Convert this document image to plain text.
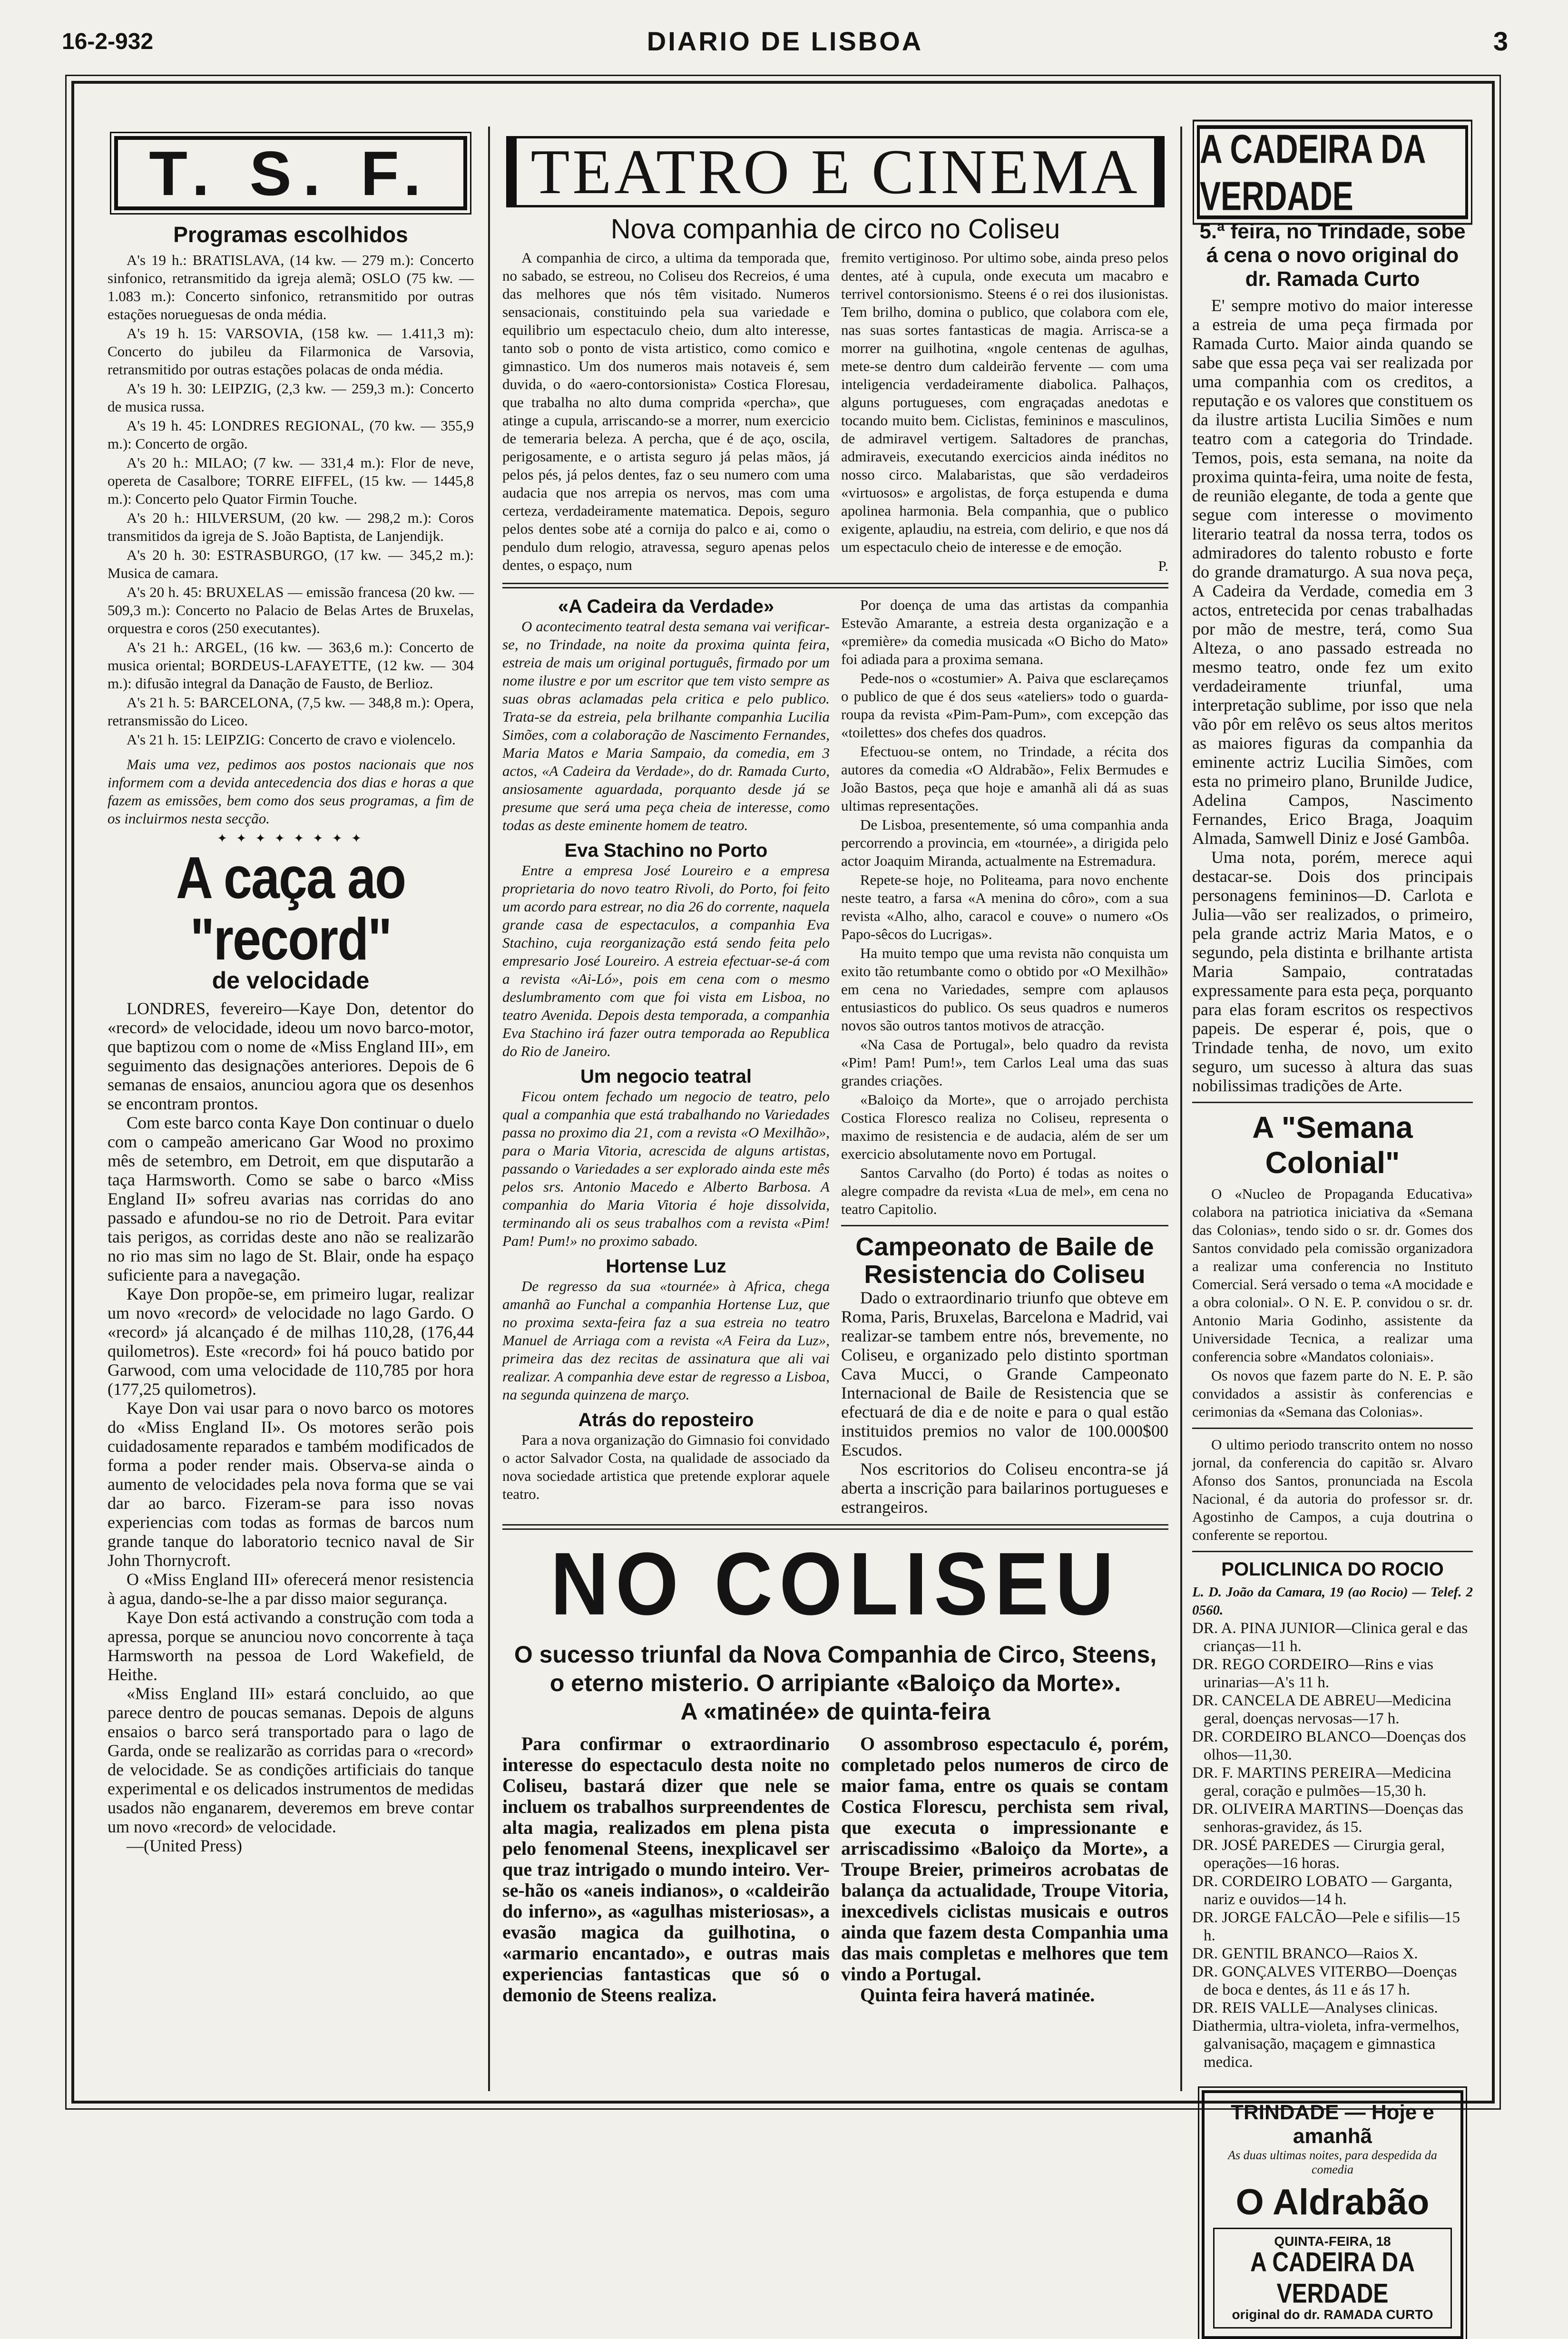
16-2-932	DIARIO DE LISBOA	3
T. S. F.
Programas escolhidos

A's 19 h.: BRATISLAVA, (14 kw. — 279 m.): Concerto sinfonico, retransmitido da igreja alemã; OSLO (75 kw. — 1.083 m.): Concerto sinfonico, retransmitido por outras estações norueguesas de onda média.

A's 19 h. 15: VARSOVIA, (158 kw. — 1.411,3 m): Concerto do jubileu da Filarmonica de Varsovia, retransmitido por outras estações polacas de onda média.

A's 19 h. 30: LEIPZIG, (2,3 kw. — 259,3 m.): Concerto de musica russa.

A's 19 h. 45: LONDRES REGIONAL, (70 kw. — 355,9 m.): Concerto de orgão.

A's 20 h.: MILAO; (7 kw. — 331,4 m.): Flor de neve, opereta de Casalbore; TORRE EIFFEL, (15 kw. — 1445,8 m.): Concerto pelo Quator Firmin Touche.

A's 20 h.: HILVERSUM, (20 kw. — 298,2 m.): Coros transmitidos da igreja de S. João Baptista, de Lanjendijk.

A's 20 h. 30: ESTRASBURGO, (17 kw. — 345,2 m.): Musica de camara.

A's 20 h. 45: BRUXELAS — emissão francesa (20 kw. — 509,3 m.): Concerto no Palacio de Belas Artes de Bruxelas, orquestra e coros (250 executantes).

A's 21 h.: ARGEL, (16 kw. — 363,6 m.): Concerto de musica oriental; BORDEUS-LAFAYETTE, (12 kw. — 304 m.): difusão integral da Danação de Fausto, de Berlioz.

A's 21 h. 5: BARCELONA, (7,5 kw. — 348,8 m.): Opera, retransmissão do Liceo.

A's 21 h. 15: LEIPZIG: Concerto de cravo e violencelo.

Mais uma vez, pedimos aos postos nacionais que nos informem com a devida antecedencia dos dias e horas a que fazem as emissões, bem como dos seus programas, a fim de os incluirmos nesta secção.

✦ ✦ ✦ ✦ ✦ ✦ ✦ ✦
A caça ao "record"
de velocidade

LONDRES, fevereiro—Kaye Don, detentor do «record» de velocidade, ideou um novo barco-motor, que baptizou com o nome de «Miss England III», em seguimento das designações anteriores. Depois de 6 semanas de ensaios, anunciou agora que os desenhos se encontram prontos.

Com este barco conta Kaye Don continuar o duelo com o campeão americano Gar Wood no proximo mês de setembro, em Detroit, em que disputarão a taça Harmsworth. Como se sabe o barco «Miss England II» sofreu avarias nas corridas do ano passado e afundou-se no rio de Detroit. Para evitar tais perigos, as corridas deste ano não se realizarão no rio mas sim no lago de St. Blair, onde ha espaço suficiente para a navegação.

Kaye Don propõe-se, em primeiro lugar, realizar um novo «record» de velocidade no lago Gardo. O «record» já alcançado é de milhas 110,28, (176,44 quilometros). Este «record» foi há pouco batido por Garwood, com uma velocidade de 110,785 por hora (177,25 quilometros).

Kaye Don vai usar para o novo barco os motores do «Miss England II». Os motores serão pois cuidadosamente reparados e também modificados de forma a poder render mais. Observa-se ainda o aumento de velocidades pela nova forma que se vai dar ao barco. Fizeram-se para isso novas experiencias com todas as formas de barcos num grande tanque do laboratorio tecnico naval de Sir John Thornycroft.

O «Miss England III» oferecerá menor resistencia à agua, dando-se-lhe a par disso maior segurança.

Kaye Don está activando a construção com toda a apressa, porque se anunciou novo concorrente à taça Harmsworth na pessoa de Lord Wakefield, de Heithe.

«Miss England III» estará concluido, ao que parece dentro de poucas semanas. Depois de alguns ensaios o barco será transportado para o lago de Garda, onde se realizarão as corridas para o «record» de velocidade. Se as condições artificiais do tanque experimental e os delicados instrumentos de medidas usados não enganarem, deveremos em breve contar um novo «record» de velocidade.

—(United Press)

TEATRO E CINEMA
Nova companhia de circo no Coliseu

A companhia de circo, a ultima da temporada que, no sabado, se estreou, no Coliseu dos Recreios, é uma das melhores que nós têm visitado. Numeros sensacionais, constituindo pela sua variedade e equilibrio um espectaculo cheio, dum alto interesse, tanto sob o ponto de vista artistico, como comico e gimnastico. Um dos numeros mais notaveis é, sem duvida, o do «aero-contorsionista» Costica Floresau, que trabalha no alto duma comprida «percha», que atinge a cupula, arriscando-se a morrer, num exercicio de temeraria beleza. A percha, que é de aço, oscila, perigosamente, e o artista seguro já pelas mãos, já pelos pés, já pelos dentes, faz o seu numero com uma audacia que nos arrepia os nervos, mas com uma certeza, verdadeiramente matematica. Depois, seguro pelos dentes sobe até a cornija do palco e ai, como o pendulo dum relogio, atravessa, seguro apenas pelos dentes, o espaço, num

fremito vertiginoso. Por ultimo sobe, ainda preso pelos dentes, até à cupula, onde executa um macabro e terrivel contorsionismo. Steens é o rei dos ilusionistas. Tem brilho, domina o publico, que colabora com ele, nas suas sortes fantasticas de magia. Arrisca-se a morrer na guilhotina, «ngole centenas de agulhas, mete-se dentro dum caldeirão fervente — com uma inteligencia verdadeiramente diabolica. Palhaços, alguns portugueses, com engraçadas anedotas e tocando muito bem. Ciclistas, femininos e masculinos, de admiravel vertigem. Saltadores de pranchas, admiraveis, executando exercicios ainda inéditos no nosso circo. Malabaristas, que são verdadeiros «virtuosos» e argolistas, de força estupenda e duma apolinea harmonia. Bela companhia, que o publico exigente, aplaudiu, na estreia, com delirio, e que nos dá um espectaculo cheio de interesse e de emoção.

P.
«A Cadeira da Verdade»

O acontecimento teatral desta semana vai verificar-se, no Trindade, na noite da proxima quinta feira, estreia de mais um original português, firmado por um nome ilustre e por um escritor que tem visto sempre as suas obras aclamadas pela critica e pelo publico. Trata-se da estreia, pela brilhante companhia Lucilia Simões, com a colaboração de Nascimento Fernandes, Maria Matos e Maria Sampaio, da comedia, em 3 actos, «A Cadeira da Verdade», do dr. Ramada Curto, ansiosamente aguardada, porquanto desde já se presume que será uma peça cheia de interesse, como todas as deste eminente homem de teatro.

Eva Stachino no Porto

Entre a empresa José Loureiro e a empresa proprietaria do novo teatro Rivoli, do Porto, foi feito um acordo para estrear, no dia 26 do corrente, naquela grande casa de espectaculos, a companhia Eva Stachino, cuja reorganização está sendo feita pelo empresario José Loureiro. A estreia efectuar-se-á com a revista «Ai-Ló», pois em cena com o mesmo deslumbramento com que foi vista em Lisboa, no teatro Avenida. Depois desta temporada, a companhia Eva Stachino irá fazer outra temporada ao Republica do Rio de Janeiro.

Um negocio teatral

Ficou ontem fechado um negocio de teatro, pelo qual a companhia que está trabalhando no Variedades passa no proximo dia 21, com a revista «O Mexilhão», para o Maria Vitoria, acrescida de alguns artistas, passando o Variedades a ser explorado ainda este mês pelos srs. Antonio Macedo e Alberto Barbosa. A companhia do Maria Vitoria é hoje dissolvida, terminando ali os seus trabalhos com a revista «Pim! Pam! Pum!» no proximo sabado.

Hortense Luz

De regresso da sua «tournée» à Africa, chega amanhã ao Funchal a companhia Hortense Luz, que no proxima sexta-feira faz a sua estreia no teatro Manuel de Arriaga com a revista «A Feira da Luz», primeira das dez recitas de assinatura que ali vai realizar. A companhia deve estar de regresso a Lisboa, na segunda quinzena de março.

Atrás do reposteiro

Para a nova organização do Gimnasio foi convidado o actor Salvador Costa, na qualidade de associado da nova sociedade artistica que pretende explorar aquele teatro.

Por doença de uma das artistas da companhia Estevão Amarante, a estreia desta organização e a «première» da comedia musicada «O Bicho do Mato» foi adiada para a proxima semana.

Pede-nos o «costumier» A. Paiva que esclareçamos o publico de que é dos seus «ateliers» todo o guarda-roupa da revista «Pim-Pam-Pum», com excepção das «toilettes» dos chefes dos quadros.

Efectuou-se ontem, no Trindade, a récita dos autores da comedia «O Aldrabão», Felix Bermudes e João Bastos, peça que hoje e amanhã ali dá as suas ultimas representações.

De Lisboa, presentemente, só uma companhia anda percorrendo a provincia, em «tournée», a dirigida pelo actor Joaquim Miranda, actualmente na Estremadura.

Repete-se hoje, no Politeama, para novo enchente neste teatro, a farsa «A menina do côro», com a sua revista «Alho, alho, caracol e couve» o numero «Os Papo-sêcos do Lucrigas».

Ha muito tempo que uma revista não conquista um exito tão retumbante como o obtido por «O Mexilhão» em cena no Variedades, sempre com aplausos entusiasticos do publico. Os seus quadros e numeros novos são outros tantos motivos de atracção.

«Na Casa de Portugal», belo quadro da revista «Pim! Pam! Pum!», tem Carlos Leal uma das suas grandes criações.

«Baloiço da Morte», que o arrojado perchista Costica Floresco realiza no Coliseu, representa o maximo de resistencia e de audacia, além de ser um exercicio absolutamente novo em Portugal.

Santos Carvalho (do Porto) é todas as noites o alegre compadre da revista «Lua de mel», em cena no teatro Capitolio.

Campeonato de Baile de Resistencia do Coliseu

Dado o extraordinario triunfo que obteve em Roma, Paris, Bruxelas, Barcelona e Madrid, vai realizar-se tambem entre nós, brevemente, no Coliseu, e organizado pelo distinto sportman Cava Mucci, o Grande Campeonato Internacional de Baile de Resistencia que se efectuará de dia e de noite e para o qual estão instituidos premios no valor de 100.000$00 Escudos.

Nos escritorios do Coliseu encontra-se já aberta a inscrição para bailarinos portugueses e estrangeiros.

NO COLISEU
O sucesso triunfal da Nova Companhia de Circo, Steens,
o eterno misterio. O arripiante «Baloiço da Morte».
A «matinée» de quinta-feira

Para confirmar o extraordinario interesse do espectaculo desta noite no Coliseu, bastará dizer que nele se incluem os trabalhos surpreendentes de alta magia, realizados em plena pista pelo fenomenal Steens, inexplicavel ser que traz intrigado o mundo inteiro. Ver-se-hão os «aneis indianos», o «caldeirão do inferno», as «agulhas misteriosas», a evasão magica da guilhotina, o «armario encantado», e outras mais experiencias fantasticas que só o demonio de Steens realiza.

O assombroso espectaculo é, porém, completado pelos numeros de circo de maior fama, entre os quais se contam Costica Florescu, perchista sem rival, que executa o impressionante e arriscadissimo «Baloiço da Morte», a Troupe Breier, primeiros acrobatas de balança da actualidade, Troupe Vitoria, inexcedivels ciclistas musicais e outros ainda que fazem desta Companhia uma das mais completas e melhores que tem vindo a Portugal.

Quinta feira haverá matinée.

A CADEIRA DA VERDADE
5.ª feira, no Trindade, sobe á cena o novo original do dr. Ramada Curto

E' sempre motivo do maior interesse a estreia de uma peça firmada por Ramada Curto. Maior ainda quando se sabe que essa peça vai ser realizada por uma companhia com os creditos, a reputação e os valores que constituem os da ilustre artista Lucilia Simões e num teatro com a categoria do Trindade. Temos, pois, esta semana, na noite da proxima quinta-feira, uma noite de festa, de reunião elegante, de toda a gente que segue com interesse o movimento literario teatral da nossa terra, todos os admiradores do talento robusto e forte do grande dramaturgo. A sua nova peça, A Cadeira da Verdade, comedia em 3 actos, entretecida por cenas trabalhadas por mão de mestre, terá, como Sua Alteza, o ano passado estreada no mesmo teatro, onde fez um exito verdadeiramente triunfal, uma interpretação sublime, por isso que nela vão pôr em relêvo os seus altos meritos as maiores figuras da companhia da eminente actriz Lucilia Simões, com esta no primeiro plano, Brunilde Judice, Adelina Campos, Nascimento Fernandes, Erico Braga, Joaquim Almada, Samwell Diniz e José Gambôa.

Uma nota, porém, merece aqui destacar-se. Dois dos principais personagens femininos—D. Carlota e Julia—vão ser realizados, o primeiro, pela grande actriz Maria Matos, e o segundo, pela distinta e brilhante artista Maria Sampaio, contratadas expressamente para esta peça, porquanto para elas foram escritos os respectivos papeis. De esperar é, pois, que o Trindade tenha, de novo, um exito seguro, um sucesso à altura das suas nobilissimas tradições de Arte.

A "Semana Colonial"

O «Nucleo de Propaganda Educativa» colabora na patriotica iniciativa da «Semana das Colonias», tendo sido o sr. dr. Gomes dos Santos convidado pela comissão organizadora a realizar uma conferencia no Instituto Comercial. Será versado o tema «A mocidade e a obra colonial». O N. E. P. convidou o sr. dr. Antonio Maria Godinho, assistente da Universidade Tecnica, a realizar uma conferencia sobre «Mandatos coloniais».

Os novos que fazem parte do N. E. P. são convidados a assistir às conferencias e cerimonias da «Semana das Colonias».

O ultimo periodo transcrito ontem no nosso jornal, da conferencia do capitão sr. Alvaro Afonso dos Santos, pronunciada na Escola Nacional, é da autoria do professor sr. dr. Agostinho de Campos, a cuja doutrina o conferente se reportou.

POLICLINICA DO ROCIO
L. D. João da Camara, 19 (ao Rocio) — Telef. 2 0560.
DR. A. PINA JUNIOR—Clinica geral e das crianças—11 h.
DR. REGO CORDEIRO—Rins e vias urinarias—A's 11 h.
DR. CANCELA DE ABREU—Medicina geral, doenças nervosas—17 h.
DR. CORDEIRO BLANCO—Doenças dos olhos—11,30.
DR. F. MARTINS PEREIRA—Medicina geral, coração e pulmões—15,30 h.
DR. OLIVEIRA MARTINS—Doenças das senhoras-gravidez, ás 15.
DR. JOSÉ PAREDES — Cirurgia geral, operações—16 horas.
DR. CORDEIRO LOBATO — Garganta, nariz e ouvidos—14 h.
DR. JORGE FALCÃO—Pele e sifilis—15 h.
DR. GENTIL BRANCO—Raios X.
DR. GONÇALVES VITERBO—Doenças de boca e dentes, ás 11 e ás 17 h.
DR. REIS VALLE—Analyses clinicas.
Diathermia, ultra-violeta, infra-vermelhos, galvanisação, maçagem e gimnastica medica.
TRINDADE — Hoje e amanhã
As duas ultimas noites, para despedida da comedia
O Aldrabão
QUINTA-FEIRA, 18
A CADEIRA DA VERDADE
original do dr. RAMADA CURTO
